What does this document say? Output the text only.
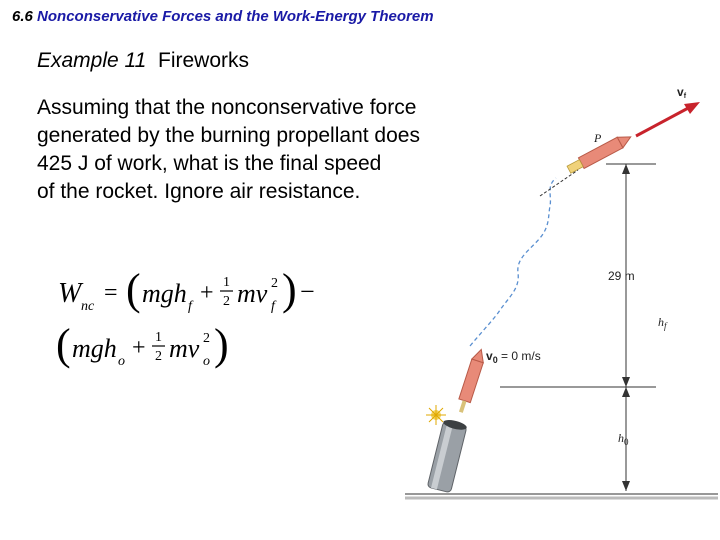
6.6 Nonconservative Forces and the Work-Energy Theorem
Example 11 Fireworks
Assuming that the nonconservative force
generated by the burning propellant does
425 J of work, what is the final speed
of the rocket. Ignore air resistance.
W nc
= ( mgh f
+ 1
2 mv 2
f ) −
( mgh o
+ 1
2 mv 2
o )
29 m
$h_f$
$h_0$
P
$v_0 = 0$ m/s
vf
